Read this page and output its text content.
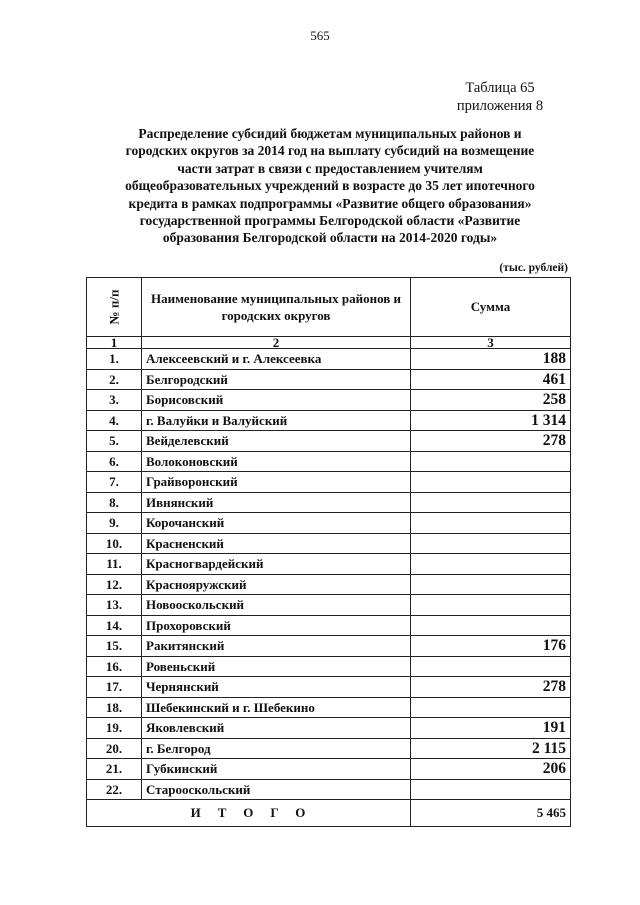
565
Таблица 65
приложения 8
Распределение субсидий бюджетам муниципальных районов и
городских округов за 2014 год на выплату субсидий на возмещение
части затрат в связи с предоставлением учителям
общеобразовательных учреждений в возрасте до 35 лет ипотечного
кредита в рамках подпрограммы «Развитие общего образования»
государственной программы Белгородской области «Развитие
образования Белгородской области на 2014-2020 годы»
(тыс. рублей)
№ п/п	Наименование муниципальных районов и городских округов	Сумма
1	2	3
1.	Алексеевский и г. Алексеевка	188
2.	Белгородский	461
3.	Борисовский	258
4.	г. Валуйки и Валуйский	1 314
5.	Вейделевский	278
6.	Волоконовский	
7.	Грайворонский	
8.	Ивнянский	
9.	Корочанский	
10.	Красненский	
11.	Красногвардейский	
12.	Краснояружский	
13.	Новооскольский	
14.	Прохоровский	
15.	Ракитянский	176
16.	Ровеньский	
17.	Чернянский	278
18.	Шебекинский и г. Шебекино	
19.	Яковлевский	191
20.	г. Белгород	2 115
21.	Губкинский	206
22.	Старооскольский	
ИТОГО		5 465
